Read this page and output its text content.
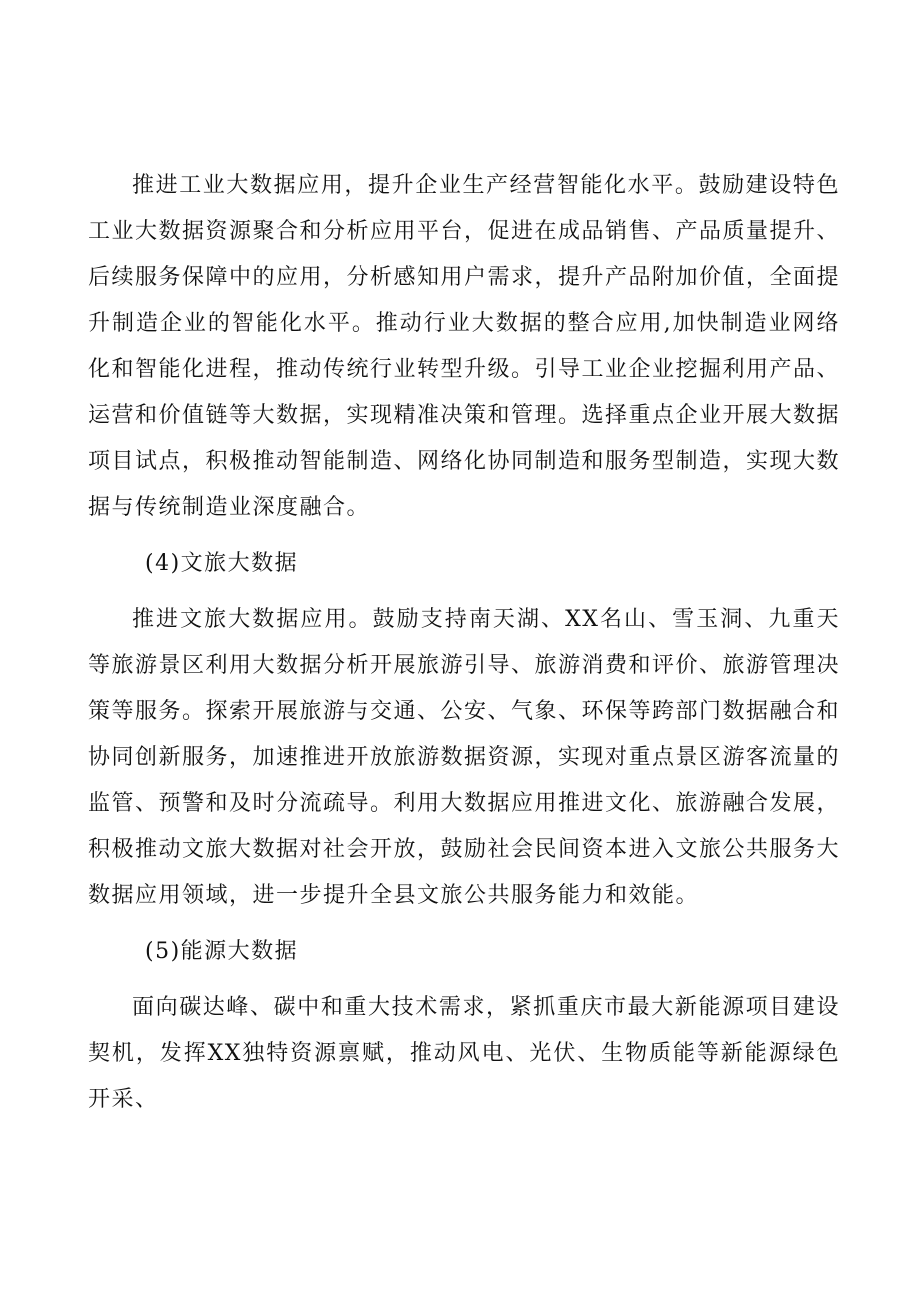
推进工业大数据应用，提升企业生产经营智能化水平。鼓励建设特色工业大数据资源聚合和分析应用平台，促进在成品销售、产品质量提升、后续服务保障中的应用，分析感知用户需求，提升产品附加价值，全面提升制造企业的智能化水平。推动行业大数据的整合应用,加快制造业网络化和智能化进程，推动传统行业转型升级。引导工业企业挖掘利用产品、运营和价值链等大数据，实现精准决策和管理。选择重点企业开展大数据项目试点，积极推动智能制造、网络化协同制造和服务型制造，实现大数据与传统制造业深度融合。

(4)文旅大数据

推进文旅大数据应用。鼓励支持南天湖、XX名山、雪玉洞、九重天等旅游景区利用大数据分析开展旅游引导、旅游消费和评价、旅游管理决策等服务。探索开展旅游与交通、公安、气象、环保等跨部门数据融合和协同创新服务，加速推进开放旅游数据资源，实现对重点景区游客流量的监管、预警和及时分流疏导。利用大数据应用推进文化、旅游融合发展，积极推动文旅大数据对社会开放，鼓励社会民间资本进入文旅公共服务大数据应用领域，进一步提升全县文旅公共服务能力和效能。

(5)能源大数据

面向碳达峰、碳中和重大技术需求，紧抓重庆市最大新能源项目建设契机，发挥XX独特资源禀赋，推动风电、光伏、生物质能等新能源绿色开采、
